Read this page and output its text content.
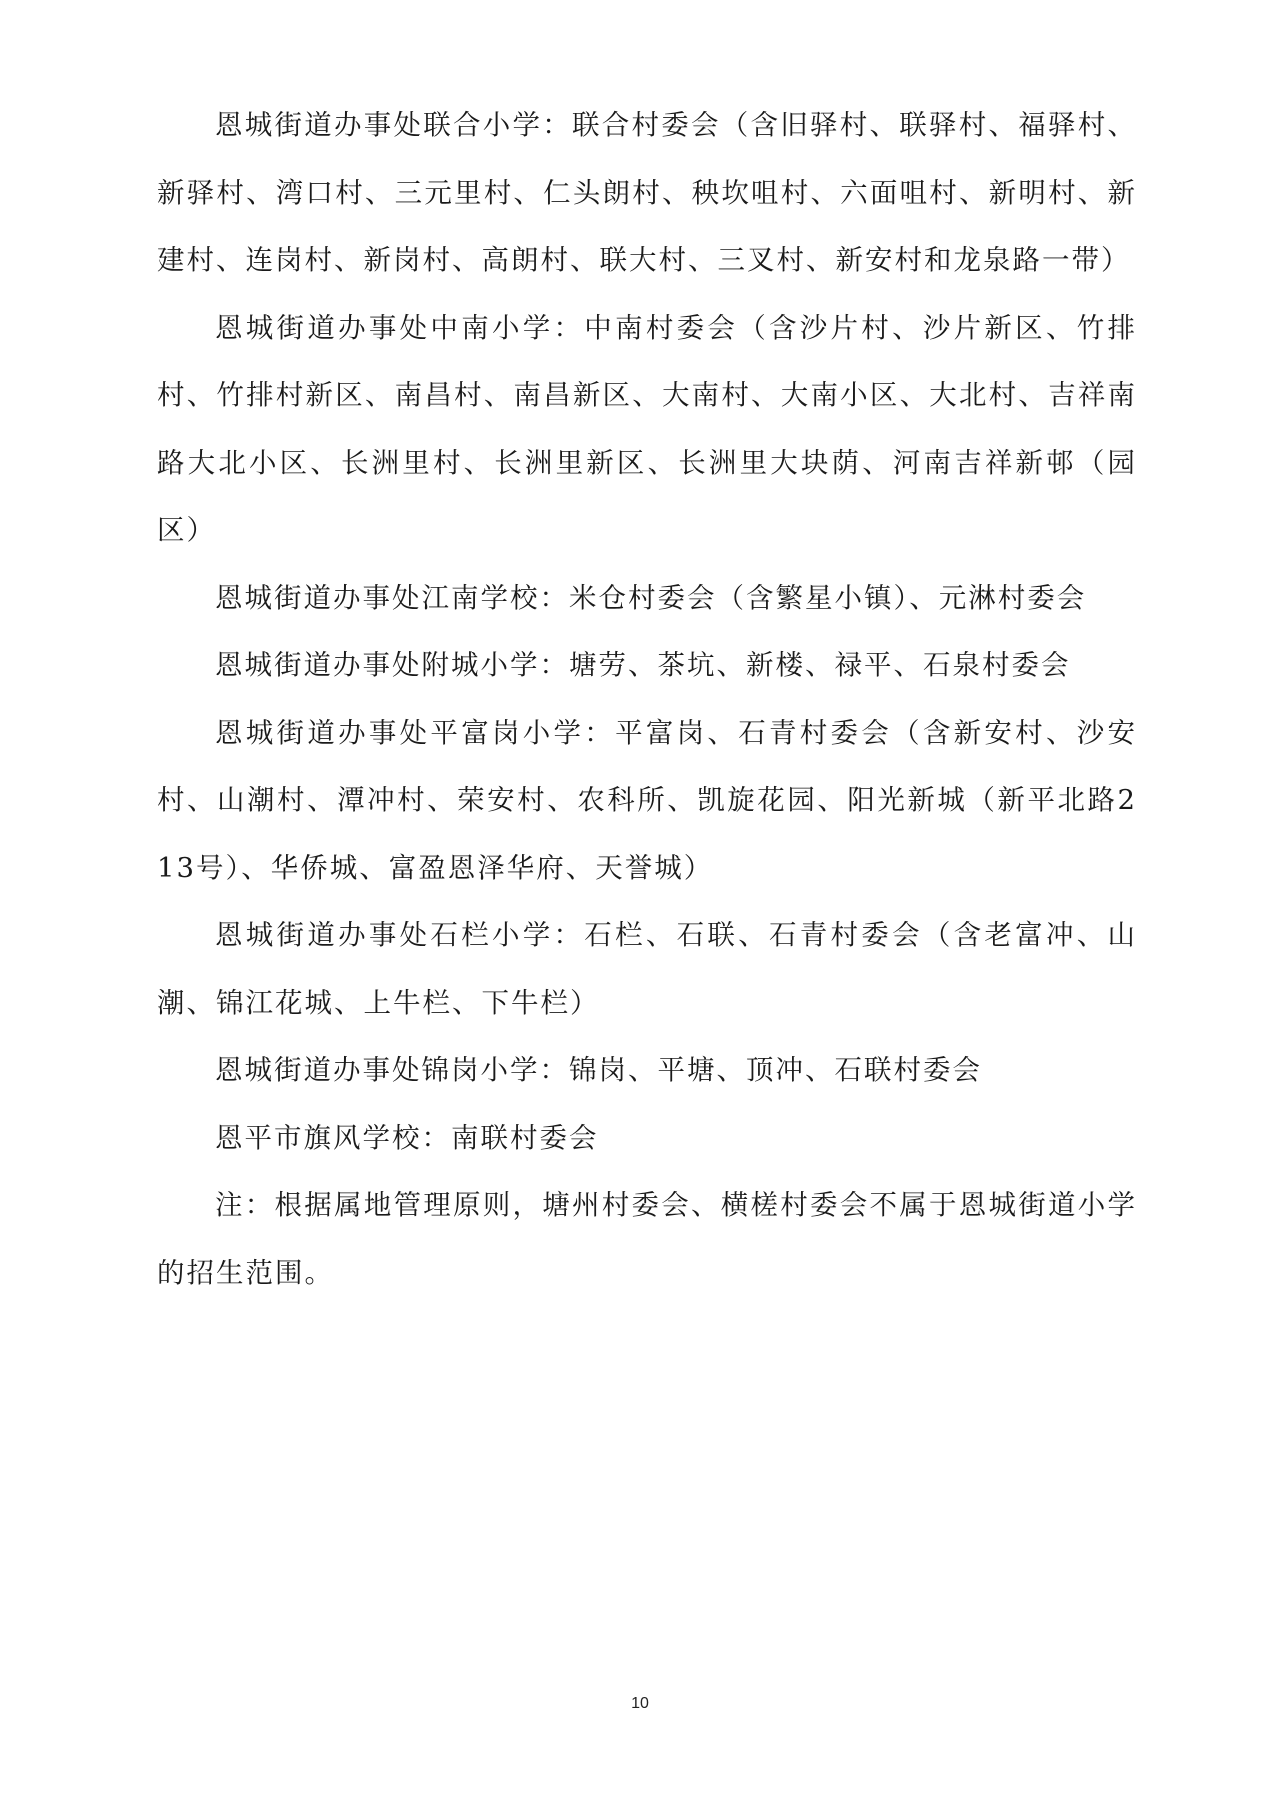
恩城街道办事处联合小学：联合村委会（含旧驿村、联驿村、福驿村、新驿村、湾口村、三元里村、仁头朗村、秧坎咀村、六面咀村、新明村、新建村、连岗村、新岗村、高朗村、联大村、三叉村、新安村和龙泉路一带）

恩城街道办事处中南小学：中南村委会（含沙片村、沙片新区、竹排村、竹排村新区、南昌村、南昌新区、大南村、大南小区、大北村、吉祥南路大北小区、长洲里村、长洲里新区、长洲里大块荫、河南吉祥新邨（园区）

恩城街道办事处江南学校：米仓村委会（含繁星小镇）、元淋村委会

恩城街道办事处附城小学：塘劳、茶坑、新楼、禄平、石泉村委会

恩城街道办事处平富岗小学：平富岗、石青村委会（含新安村、沙安村、山潮村、潭冲村、荣安村、农科所、凯旋花园、阳光新城（新平北路213号）、华侨城、富盈恩泽华府、天誉城）

恩城街道办事处石栏小学：石栏、石联、石青村委会（含老富冲、山潮、锦江花城、上牛栏、下牛栏）

恩城街道办事处锦岗小学：锦岗、平塘、顶冲、石联村委会

恩平市旗风学校：南联村委会

注：根据属地管理原则，塘州村委会、横槎村委会不属于恩城街道小学的招生范围。

10
